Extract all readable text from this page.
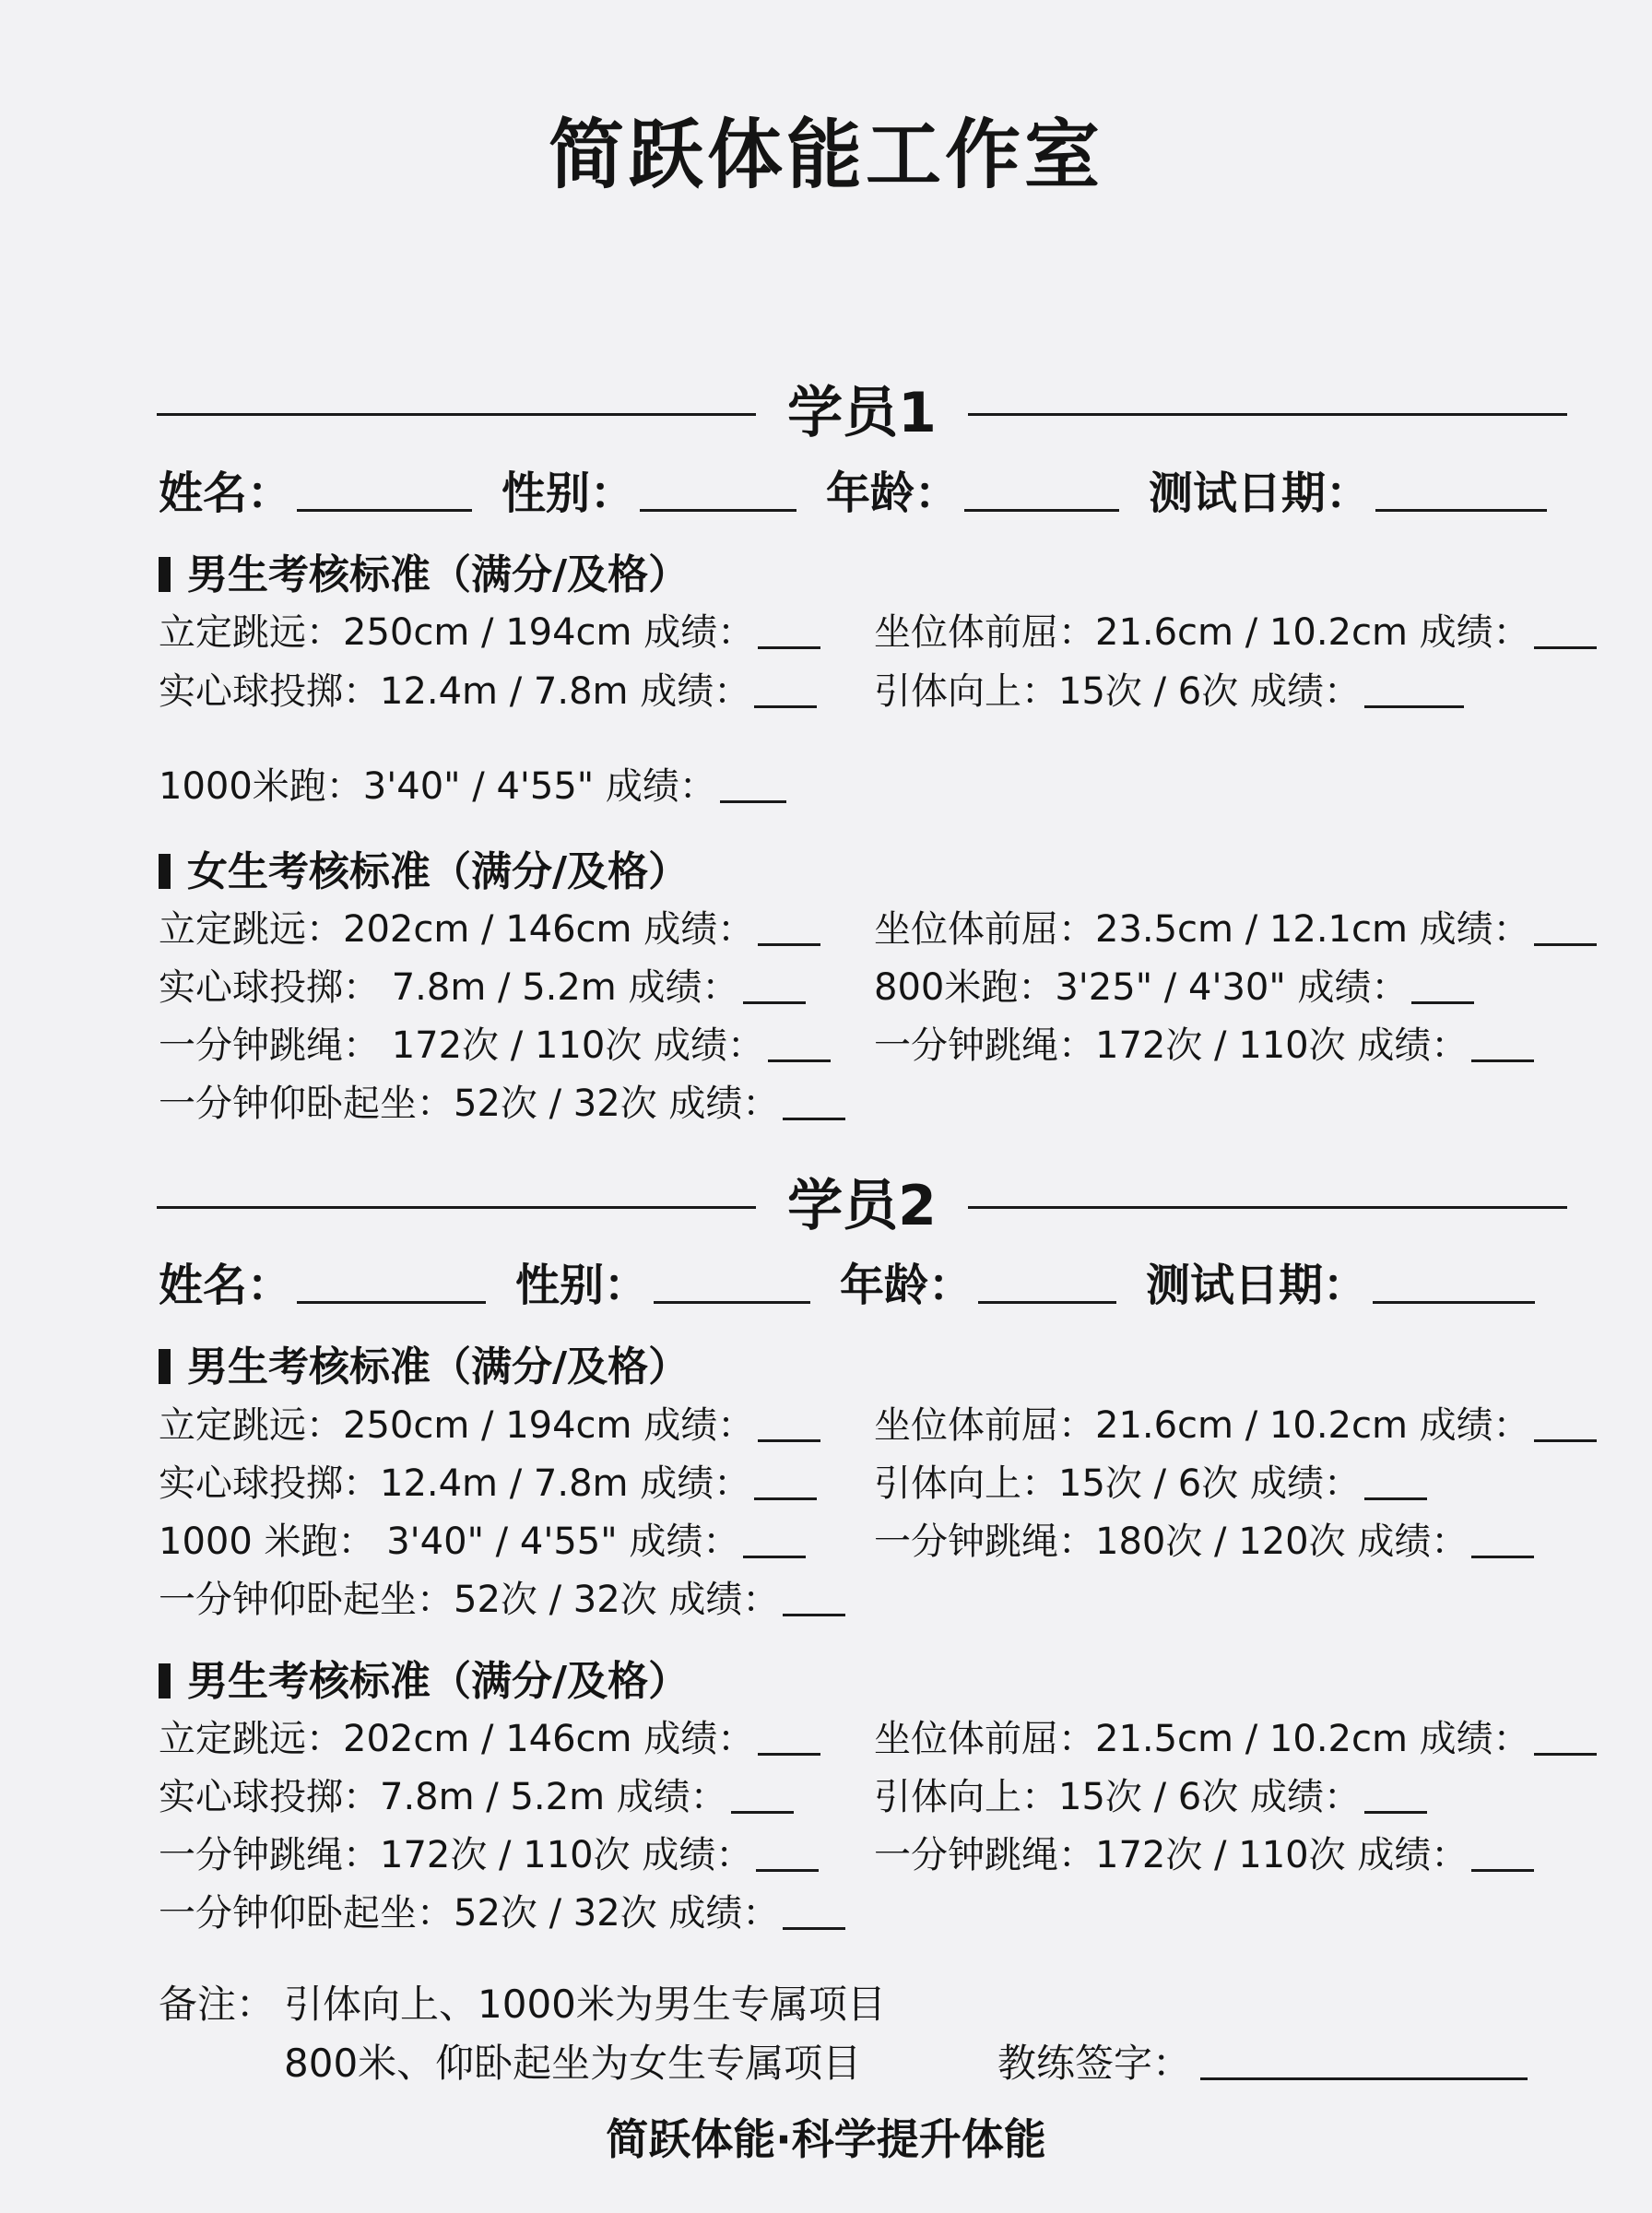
简跃体能工作室
学员1
姓名：	性别：	年龄：	测试日期：
男生考核标准（满分/及格）
立定跳远：250cm / 194cm 成绩：	坐位体前屈：21.6cm / 10.2cm 成绩：
实心球投掷：12.4m / 7.8m 成绩：	引体向上：15次 / 6次 成绩：
1000米跑：3'40" / 4'55" 成绩：
女生考核标准（满分/及格）
立定跳远：202cm / 146cm 成绩：	坐位体前屈：23.5cm / 12.1cm 成绩：
实心球投掷： 7.8m / 5.2m 成绩：	800米跑：3'25" / 4'30" 成绩：
一分钟跳绳： 172次 / 110次 成绩：	一分钟跳绳：172次 / 110次 成绩：
一分钟仰卧起坐：52次 / 32次 成绩：
学员2
姓名：	性别：	年龄：	测试日期：
男生考核标准（满分/及格）
立定跳远：250cm / 194cm 成绩：	坐位体前屈：21.6cm / 10.2cm 成绩：
实心球投掷：12.4m / 7.8m 成绩：	引体向上：15次 / 6次 成绩：
1000 米跑： 3'40" / 4'55" 成绩：	一分钟跳绳：180次 / 120次 成绩：
一分钟仰卧起坐：52次 / 32次 成绩：
男生考核标准（满分/及格）
立定跳远：202cm / 146cm 成绩：	坐位体前屈：21.5cm / 10.2cm 成绩：
实心球投掷：7.8m / 5.2m 成绩：	引体向上：15次 / 6次 成绩：
一分钟跳绳：172次 / 110次 成绩：	一分钟跳绳：172次 / 110次 成绩：
一分钟仰卧起坐：52次 / 32次 成绩：
备注： 引体向上、1000米为男生专属项目
800米、仰卧起坐为女生专属项目	教练签字：
简跃体能·科学提升体能
